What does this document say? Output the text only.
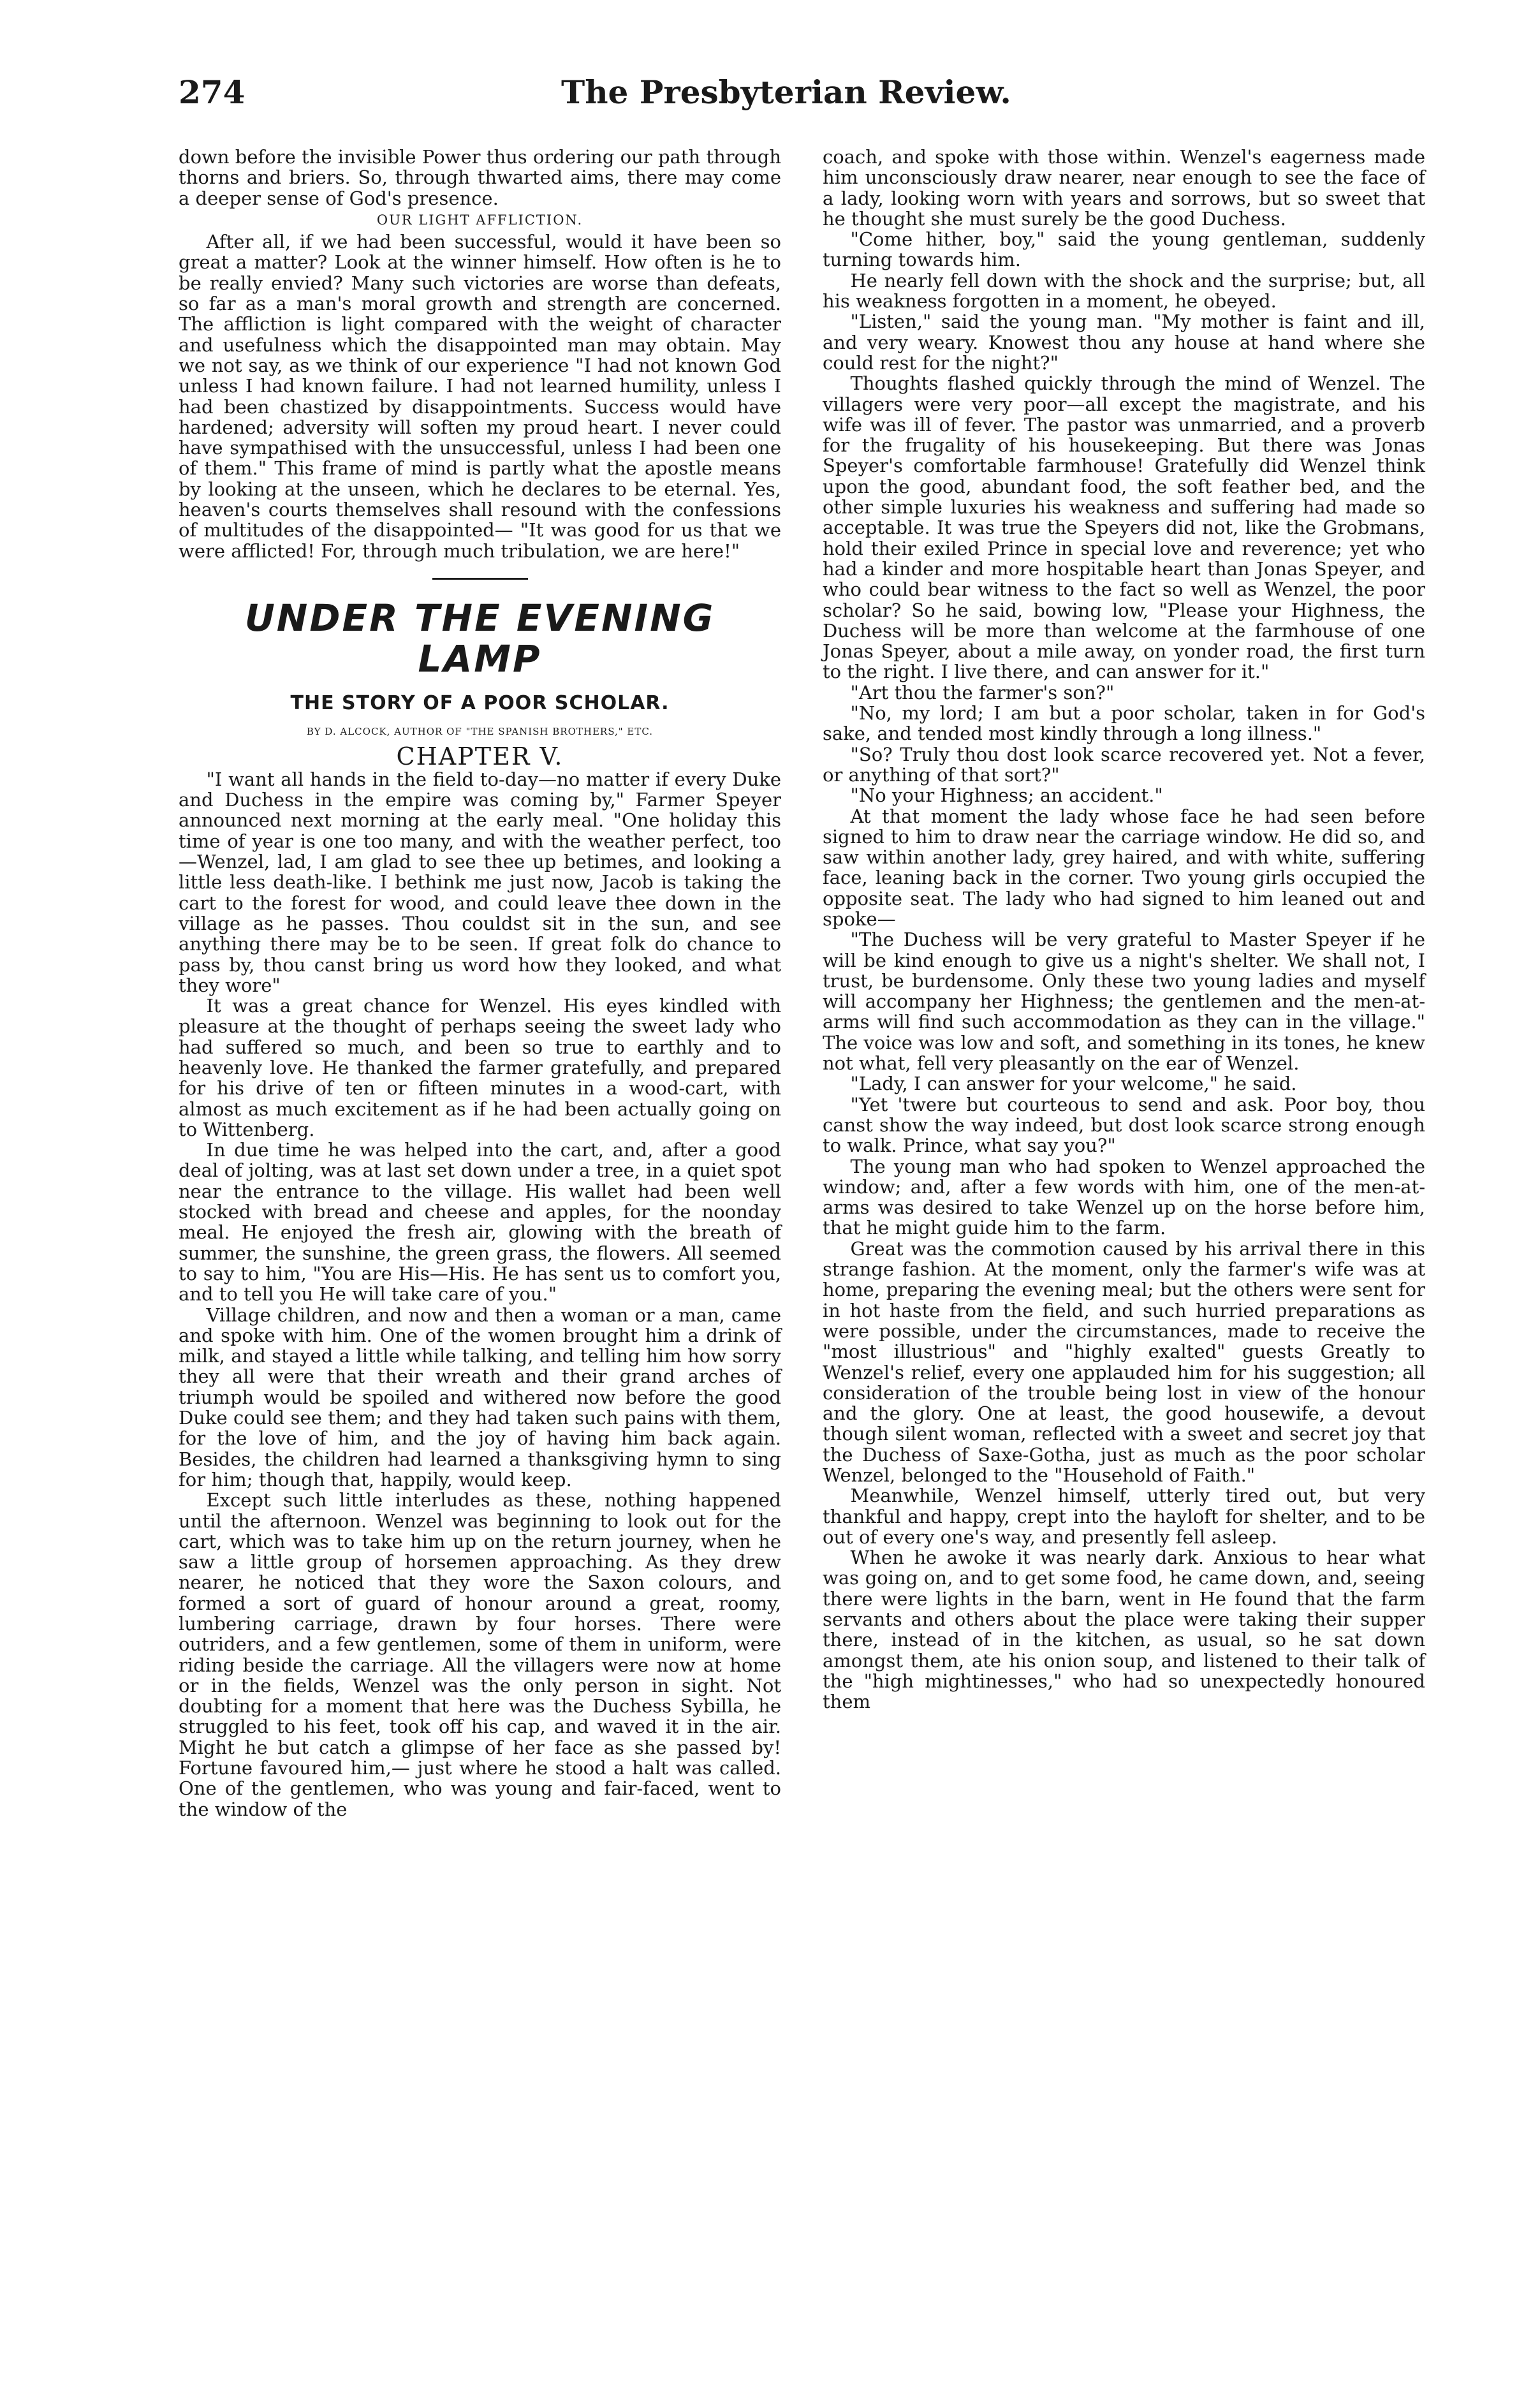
274	The Presbyterian Review.

down before the invisible Power thus ordering our path through thorns and briers. So, through thwarted aims, there may come a deeper sense of God's presence.

OUR LIGHT AFFLICTION.

After all, if we had been successful, would it have been so great a matter? Look at the winner himself. How often is he to be really envied? Many such victories are worse than defeats, so far as a man's moral growth and strength are concerned. The affliction is light compared with the weight of character and usefulness which the disappointed man may obtain. May we not say, as we think of our experience "I had not known God unless I had known failure. I had not learned humility, unless I had been chastized by disappointments. Success would have hardened; adversity will soften my proud heart. I never could have sympathised with the unsuccessful, unless I had been one of them." This frame of mind is partly what the apostle means by looking at the unseen, which he declares to be eternal. Yes, heaven's courts themselves shall resound with the confessions of multitudes of the disappointed— "It was good for us that we were afflicted! For, through much tribulation, we are here!"

UNDER THE EVENING LAMP
THE STORY OF A POOR SCHOLAR.
BY D. ALCOCK, AUTHOR OF "THE SPANISH BROTHERS," ETC.
CHAPTER V.

"I want all hands in the field to-day—no matter if every Duke and Duchess in the empire was coming by," Farmer Speyer announced next morning at the early meal. "One holiday this time of year is one too many, and with the weather perfect, too —Wenzel, lad, I am glad to see thee up betimes, and looking a little less death-like. I bethink me just now, Jacob is taking the cart to the forest for wood, and could leave thee down in the village as he passes. Thou couldst sit in the sun, and see anything there may be to be seen. If great folk do chance to pass by, thou canst bring us word how they looked, and what they wore"

It was a great chance for Wenzel. His eyes kindled with pleasure at the thought of perhaps seeing the sweet lady who had suffered so much, and been so true to earthly and to heavenly love. He thanked the farmer gratefully, and prepared for his drive of ten or fifteen minutes in a wood-cart, with almost as much excitement as if he had been actually going on to Wittenberg.

In due time he was helped into the cart, and, after a good deal of jolting, was at last set down under a tree, in a quiet spot near the entrance to the village. His wallet had been well stocked with bread and cheese and apples, for the noonday meal. He enjoyed the fresh air, glowing with the breath of summer, the sunshine, the green grass, the flowers. All seemed to say to him, "You are His—His. He has sent us to comfort you, and to tell you He will take care of you."

Village children, and now and then a woman or a man, came and spoke with him. One of the women brought him a drink of milk, and stayed a little while talking, and telling him how sorry they all were that their wreath and their grand arches of triumph would be spoiled and withered now before the good Duke could see them; and they had taken such pains with them, for the love of him, and the joy of having him back again. Besides, the children had learned a thanksgiving hymn to sing for him; though that, happily, would keep.

Except such little interludes as these, nothing happened until the afternoon. Wenzel was beginning to look out for the cart, which was to take him up on the return journey, when he saw a little group of horsemen approaching. As they drew nearer, he noticed that they wore the Saxon colours, and formed a sort of guard of honour around a great, roomy, lumbering carriage, drawn by four horses. There were outriders, and a few gentlemen, some of them in uniform, were riding beside the carriage. All the villagers were now at home or in the fields, Wenzel was the only person in sight. Not doubting for a moment that here was the Duchess Sybilla, he struggled to his feet, took off his cap, and waved it in the air. Might he but catch a glimpse of her face as she passed by! Fortune favoured him,— just where he stood a halt was called. One of the gentlemen, who was young and fair-faced, went to the window of the

coach, and spoke with those within. Wenzel's eagerness made him unconsciously draw nearer, near enough to see the face of a lady, looking worn with years and sorrows, but so sweet that he thought she must surely be the good Duchess.

"Come hither, boy," said the young gentleman, suddenly turning towards him.

He nearly fell down with the shock and the surprise; but, all his weakness forgotten in a moment, he obeyed.

"Listen," said the young man. "My mother is faint and ill, and very weary. Knowest thou any house at hand where she could rest for the night?"

Thoughts flashed quickly through the mind of Wenzel. The villagers were very poor—all except the magistrate, and his wife was ill of fever. The pastor was unmarried, and a proverb for the frugality of his housekeeping. But there was Jonas Speyer's comfortable farmhouse! Gratefully did Wenzel think upon the good, abundant food, the soft feather bed, and the other simple luxuries his weakness and suffering had made so acceptable. It was true the Speyers did not, like the Grobmans, hold their exiled Prince in special love and reverence; yet who had a kinder and more hospitable heart than Jonas Speyer, and who could bear witness to the fact so well as Wenzel, the poor scholar? So he said, bowing low, "Please your Highness, the Duchess will be more than welcome at the farmhouse of one Jonas Speyer, about a mile away, on yonder road, the first turn to the right. I live there, and can answer for it."

"Art thou the farmer's son?"

"No, my lord; I am but a poor scholar, taken in for God's sake, and tended most kindly through a long illness."

"So? Truly thou dost look scarce recovered yet. Not a fever, or anything of that sort?"

"No your Highness; an accident."

At that moment the lady whose face he had seen before signed to him to draw near the carriage window. He did so, and saw within another lady, grey haired, and with white, suffering face, leaning back in the corner. Two young girls occupied the opposite seat. The lady who had signed to him leaned out and spoke—

"The Duchess will be very grateful to Master Speyer if he will be kind enough to give us a night's shelter. We shall not, I trust, be burdensome. Only these two young ladies and myself will accompany her Highness; the gentlemen and the men-at-arms will find such accommodation as they can in the village." The voice was low and soft, and something in its tones, he knew not what, fell very pleasantly on the ear of Wenzel.

"Lady, I can answer for your welcome," he said.

"Yet 'twere but courteous to send and ask. Poor boy, thou canst show the way indeed, but dost look scarce strong enough to walk. Prince, what say you?"

The young man who had spoken to Wenzel approached the window; and, after a few words with him, one of the men-at-arms was desired to take Wenzel up on the horse before him, that he might guide him to the farm.

Great was the commotion caused by his arrival there in this strange fashion. At the moment, only the farmer's wife was at home, preparing the evening meal; but the others were sent for in hot haste from the field, and such hurried preparations as were possible, under the circumstances, made to receive the "most illustrious" and "highly exalted" guests Greatly to Wenzel's relief, every one applauded him for his suggestion; all consideration of the trouble being lost in view of the honour and the glory. One at least, the good housewife, a devout though silent woman, reflected with a sweet and secret joy that the Duchess of Saxe-Gotha, just as much as the poor scholar Wenzel, belonged to the "Household of Faith."

Meanwhile, Wenzel himself, utterly tired out, but very thankful and happy, crept into the hayloft for shelter, and to be out of every one's way, and presently fell asleep.

When he awoke it was nearly dark. Anxious to hear what was going on, and to get some food, he came down, and, seeing there were lights in the barn, went in He found that the farm servants and others about the place were taking their supper there, instead of in the kitchen, as usual, so he sat down amongst them, ate his onion soup, and listened to their talk of the "high mightinesses," who had so unexpectedly honoured them
